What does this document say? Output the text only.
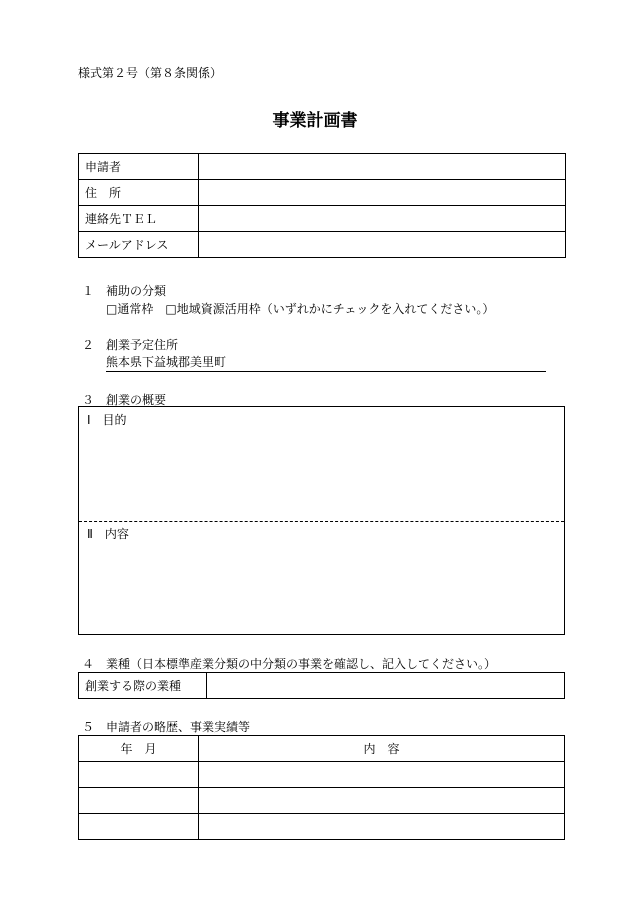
様式第２号（第８条関係）
事業計画書
申請者	
住　所	
連絡先ＴＥＬ	
メールアドレス	
１ 補助の分類
□通常枠　 □地域資源活用枠（いずれかにチェックを入れてください。）
２ 創業予定住所
熊本県下益城郡美里町
３ 創業の概要
Ⅰ　目的
Ⅱ　内容
４ 業種（日本標準産業分類の中分類の事業を確認し、記入してください。）
創業する際の業種	
５ 申請者の略歴、事業実績等
年　月	内　容
